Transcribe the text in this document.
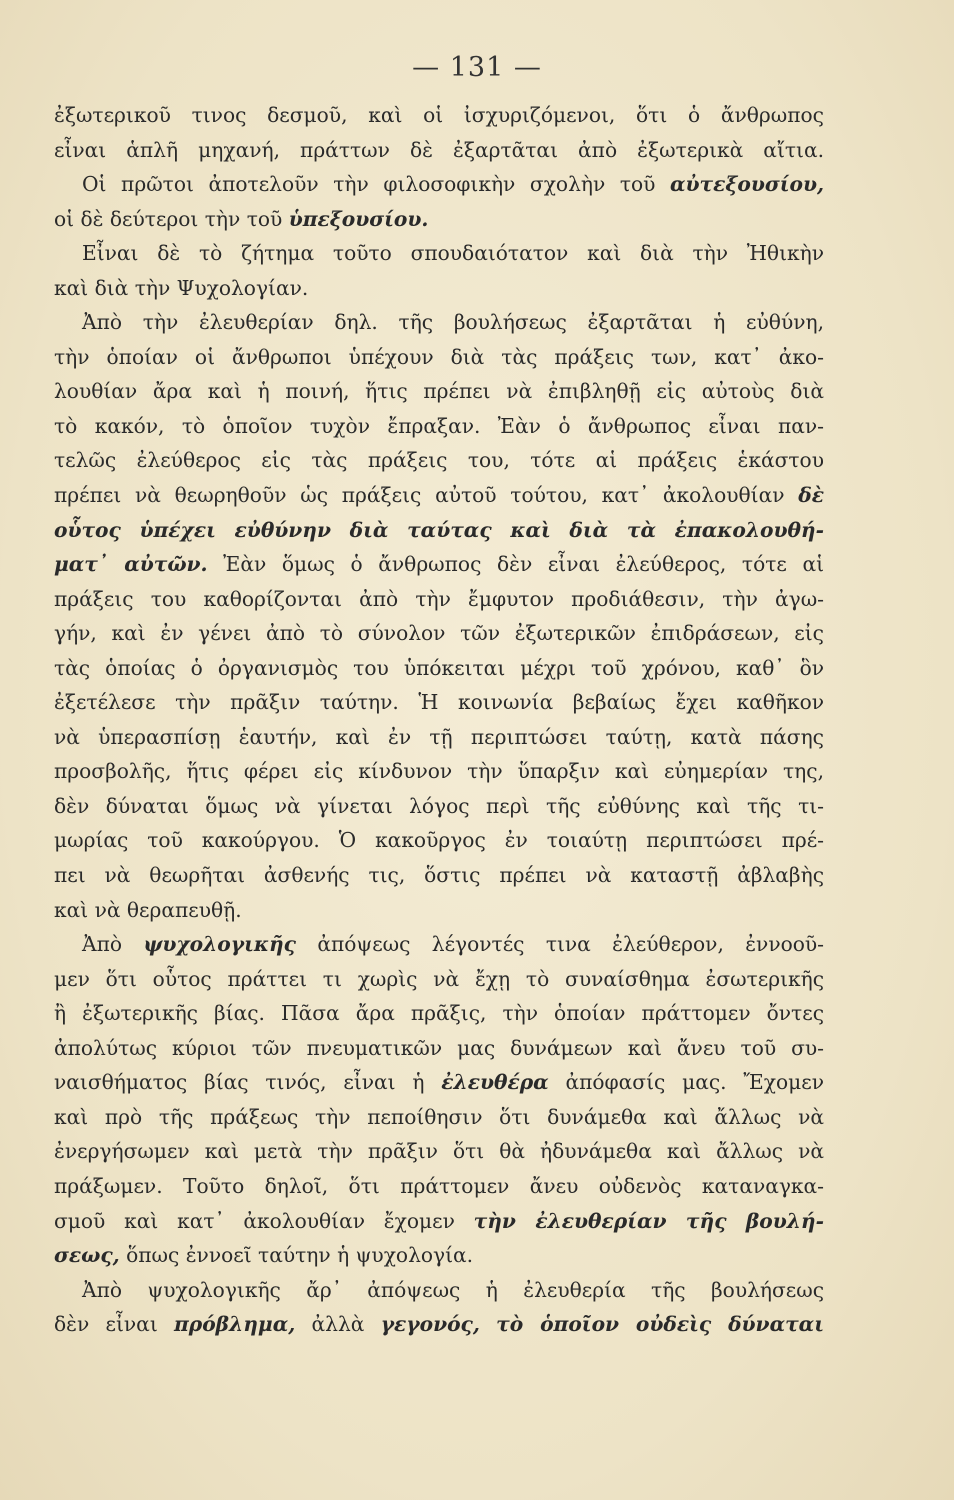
— 131 —
ἐξωτερικοῦ τινος δεσμοῦ, καὶ οἱ ἰσχυριζόμενοι, ὅτι ὁ ἄνθρωπος
εἶναι ἁπλῆ μηχανή, πράττων δὲ ἐξαρτᾶται ἀπὸ ἐξωτερικὰ αἴτια.
Οἱ πρῶτοι ἀποτελοῦν τὴν φιλοσοφικὴν σχολὴν τοῦ αὐτεξουσίου,
οἱ δὲ δεύτεροι τὴν τοῦ ὑπεξουσίου.
Εἶναι δὲ τὸ ζήτημα τοῦτο σπουδαιότατον καὶ διὰ τὴν Ἠθικὴν
καὶ διὰ τὴν Ψυχολογίαν.
Ἀπὸ τὴν ἐλευθερίαν δηλ. τῆς βουλήσεως ἐξαρτᾶται ἡ εὐθύνη,
τὴν ὁποίαν οἱ ἄνθρωποι ὑπέχουν διὰ τὰς πράξεις των, κατ᾽ ἀκο-
λουθίαν ἄρα καὶ ἡ ποινή, ἥτις πρέπει νὰ ἐπιβληθῇ εἰς αὐτοὺς διὰ
τὸ κακόν, τὸ ὁποῖον τυχὸν ἔπραξαν. Ἐὰν ὁ ἄνθρωπος εἶναι παν-
τελῶς ἐλεύθερος εἰς τὰς πράξεις του, τότε αἱ πράξεις ἑκάστου
πρέπει νὰ θεωρηθοῦν ὡς πράξεις αὐτοῦ τούτου, κατ᾽ ἀκολουθίαν δὲ
οὗτος ὑπέχει εὐθύνην διὰ ταύτας καὶ διὰ τὰ ἐπακολουθή-
ματ᾽ αὐτῶν. Ἐὰν ὅμως ὁ ἄνθρωπος δὲν εἶναι ἐλεύθερος, τότε αἱ
πράξεις του καθορίζονται ἀπὸ τὴν ἔμφυτον προδιάθεσιν, τὴν ἀγω-
γήν, καὶ ἐν γένει ἀπὸ τὸ σύνολον τῶν ἐξωτερικῶν ἐπιδράσεων, εἰς
τὰς ὁποίας ὁ ὀργανισμὸς του ὑπόκειται μέχρι τοῦ χρόνου, καθ᾽ ὃν
ἐξετέλεσε τὴν πρᾶξιν ταύτην. Ἡ κοινωνία βεβαίως ἔχει καθῆκον
νὰ ὑπερασπίσῃ ἑαυτήν, καὶ ἐν τῇ περιπτώσει ταύτῃ, κατὰ πάσης
προσβολῆς, ἥτις φέρει εἰς κίνδυνον τὴν ὕπαρξιν καὶ εὐημερίαν της,
δὲν δύναται ὅμως νὰ γίνεται λόγος περὶ τῆς εὐθύνης καὶ τῆς τι-
μωρίας τοῦ κακούργου. Ὁ κακοῦργος ἐν τοιαύτῃ περιπτώσει πρέ-
πει νὰ θεωρῆται ἀσθενής τις, ὅστις πρέπει νὰ καταστῇ ἀβλαβὴς
καὶ νὰ θεραπευθῇ.
Ἀπὸ ψυχολογικῆς ἀπόψεως λέγοντές τινα ἐλεύθερον, ἐννοοῦ-
μεν ὅτι οὗτος πράττει τι χωρὶς νὰ ἔχῃ τὸ συναίσθημα ἐσωτερικῆς
ἢ ἐξωτερικῆς βίας. Πᾶσα ἄρα πρᾶξις, τὴν ὁποίαν πράττομεν ὄντες
ἀπολύτως κύριοι τῶν πνευματικῶν μας δυνάμεων καὶ ἄνευ τοῦ συ-
ναισθήματος βίας τινός, εἶναι ἡ ἐλευθέρα ἀπόφασίς μας. Ἔχομεν
καὶ πρὸ τῆς πράξεως τὴν πεποίθησιν ὅτι δυνάμεθα καὶ ἄλλως νὰ
ἐνεργήσωμεν καὶ μετὰ τὴν πρᾶξιν ὅτι θὰ ἠδυνάμεθα καὶ ἄλλως νὰ
πράξωμεν. Τοῦτο δηλοῖ, ὅτι πράττομεν ἄνευ οὐδενὸς καταναγκα-
σμοῦ καὶ κατ᾽ ἀκολουθίαν ἔχομεν τὴν ἐλευθερίαν τῆς βουλή-
σεως, ὅπως ἐννοεῖ ταύτην ἡ ψυχολογία.
Ἀπὸ ψυχολογικῆς ἄρ᾽ ἀπόψεως ἡ ἐλευθερία τῆς βουλήσεως
δὲν εἶναι πρόβλημα, ἀλλὰ γεγονός, τὸ ὁποῖον οὐδεὶς δύναται
